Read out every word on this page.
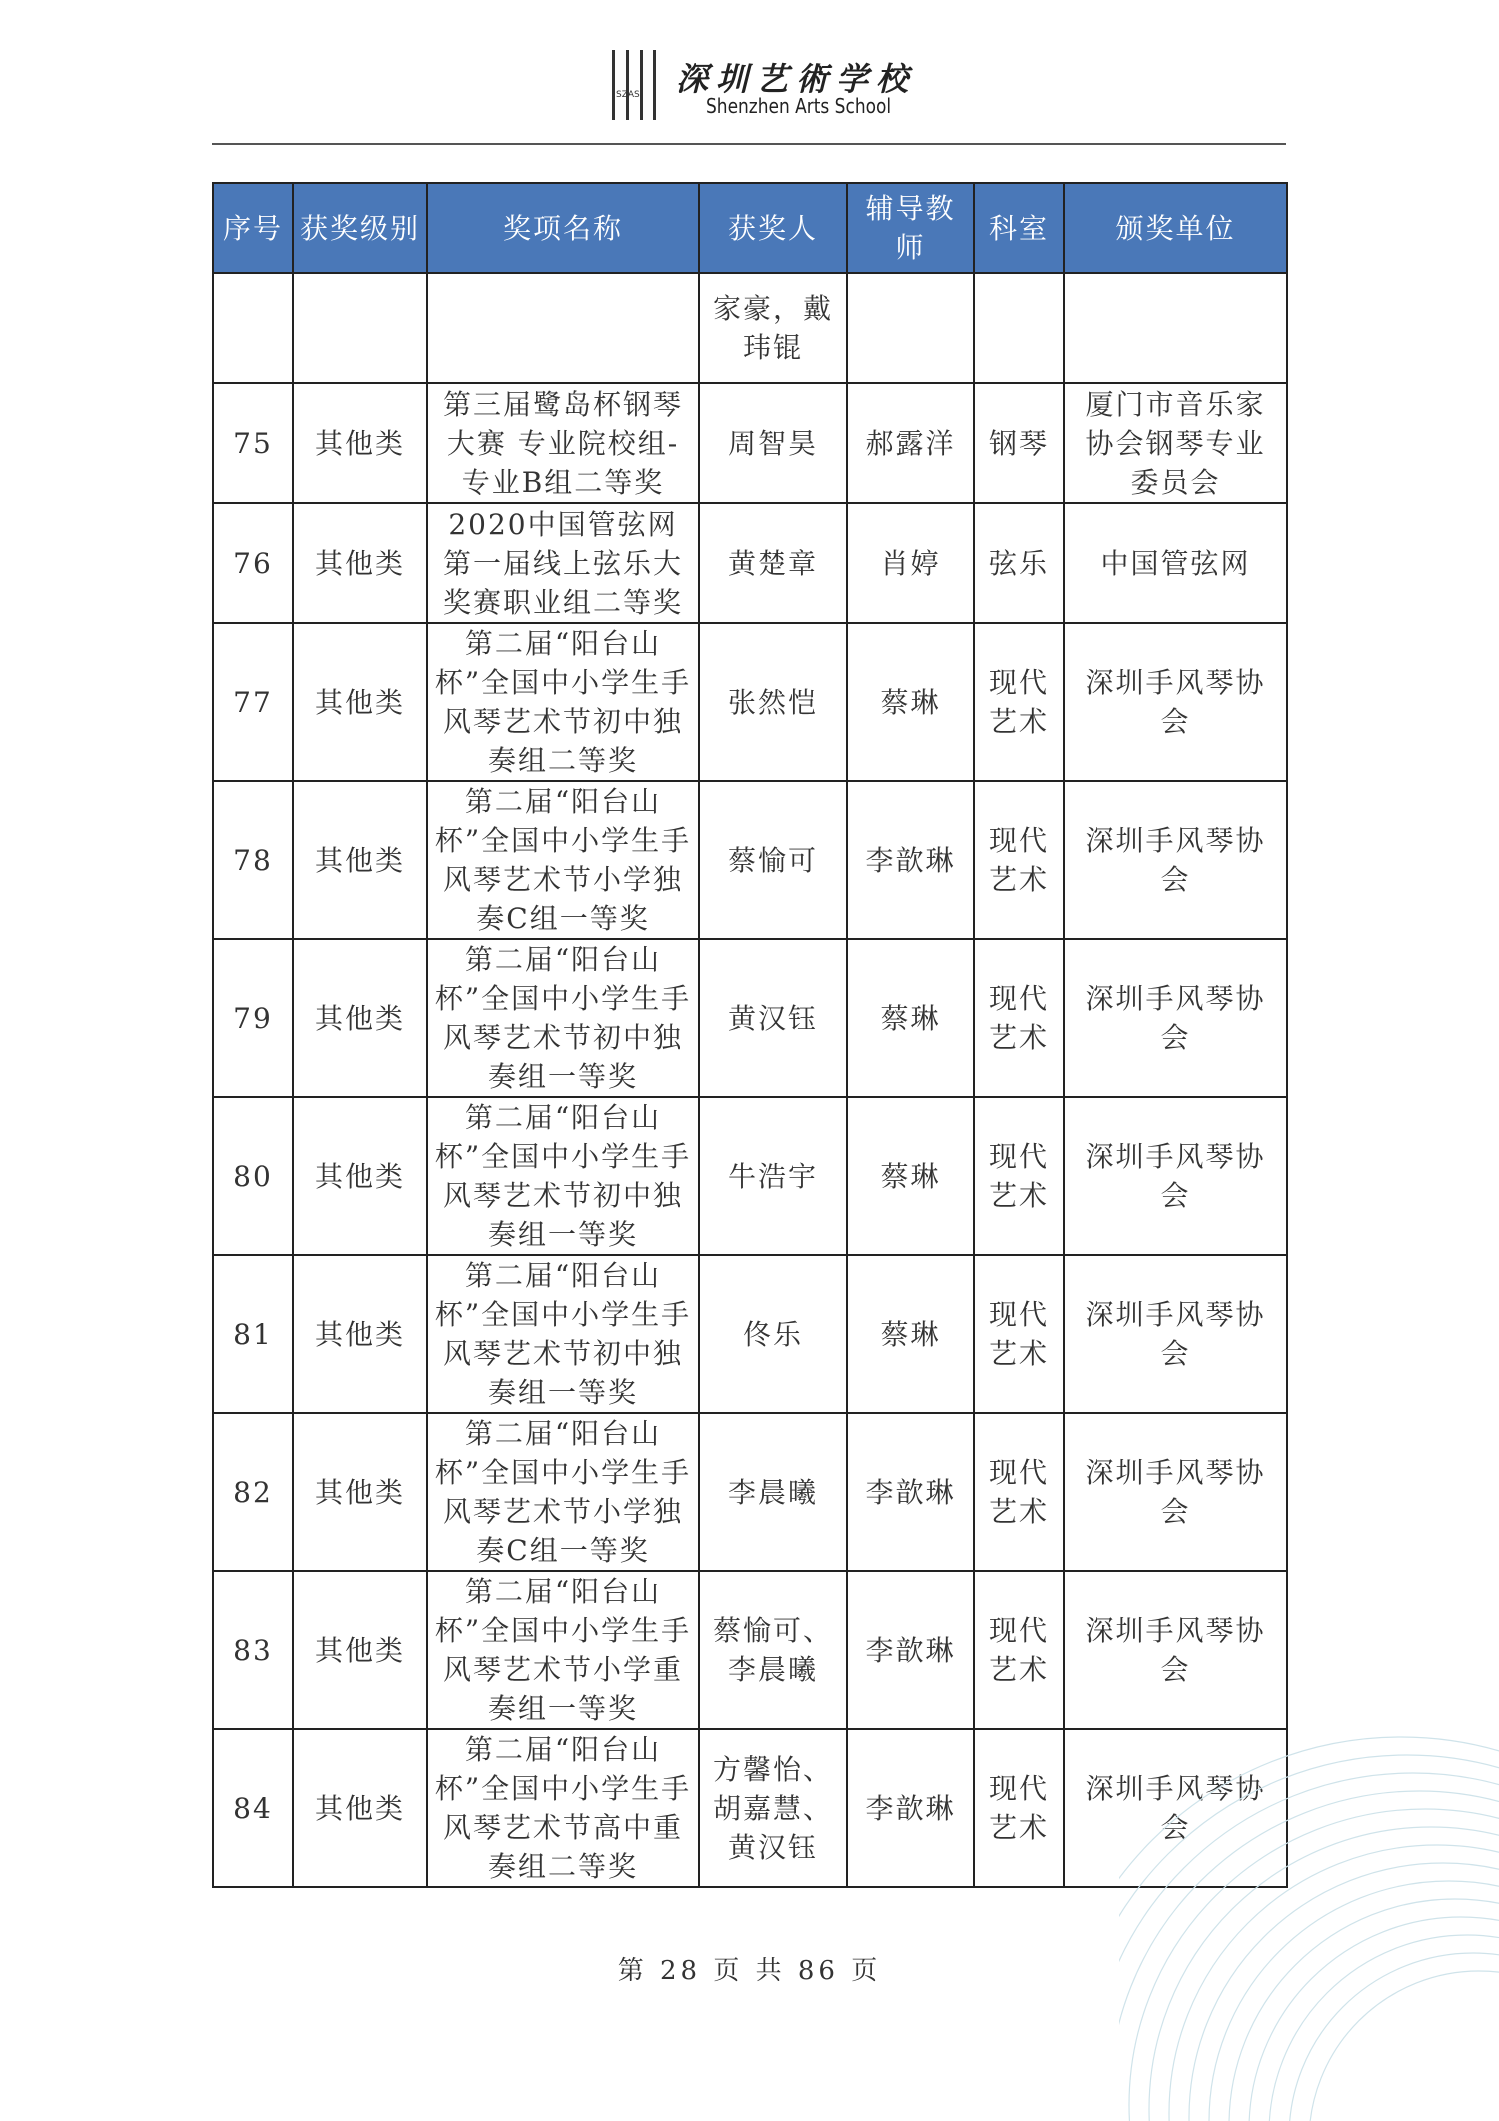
SZAS 深圳艺術学校
Shenzhen Arts School
序号	获奖级别	奖项名称	获奖人	辅导教师	科室	颁奖单位
			家豪，戴玮锟			
75	其他类	第三届鹭岛杯钢琴大赛 专业院校组-专业B组二等奖	周智昊	郝露洋	钢琴	厦门市音乐家协会钢琴专业委员会
76	其他类	2020中国管弦网第一届线上弦乐大奖赛职业组二等奖	黄楚章	肖婷	弦乐	中国管弦网
77	其他类	第二届“阳台山杯”全国中小学生手风琴艺术节初中独奏组二等奖	张然恺	蔡琳	现代艺术	深圳手风琴协会
78	其他类	第二届“阳台山杯”全国中小学生手风琴艺术节小学独奏C组一等奖	蔡愉可	李歆琳	现代艺术	深圳手风琴协会
79	其他类	第二届“阳台山杯”全国中小学生手风琴艺术节初中独奏组一等奖	黄汉钰	蔡琳	现代艺术	深圳手风琴协会
80	其他类	第二届“阳台山杯”全国中小学生手风琴艺术节初中独奏组一等奖	牛浩宇	蔡琳	现代艺术	深圳手风琴协会
81	其他类	第二届“阳台山杯”全国中小学生手风琴艺术节初中独奏组一等奖	佟乐	蔡琳	现代艺术	深圳手风琴协会
82	其他类	第二届“阳台山杯”全国中小学生手风琴艺术节小学独奏C组一等奖	李晨曦	李歆琳	现代艺术	深圳手风琴协会
83	其他类	第二届“阳台山杯”全国中小学生手风琴艺术节小学重奏组一等奖	蔡愉可、李晨曦	李歆琳	现代艺术	深圳手风琴协会
84	其他类	第二届“阳台山杯”全国中小学生手风琴艺术节高中重奏组二等奖	方馨怡、胡嘉慧、黄汉钰	李歆琳	现代艺术	深圳手风琴协会
第 28 页 共 86 页
